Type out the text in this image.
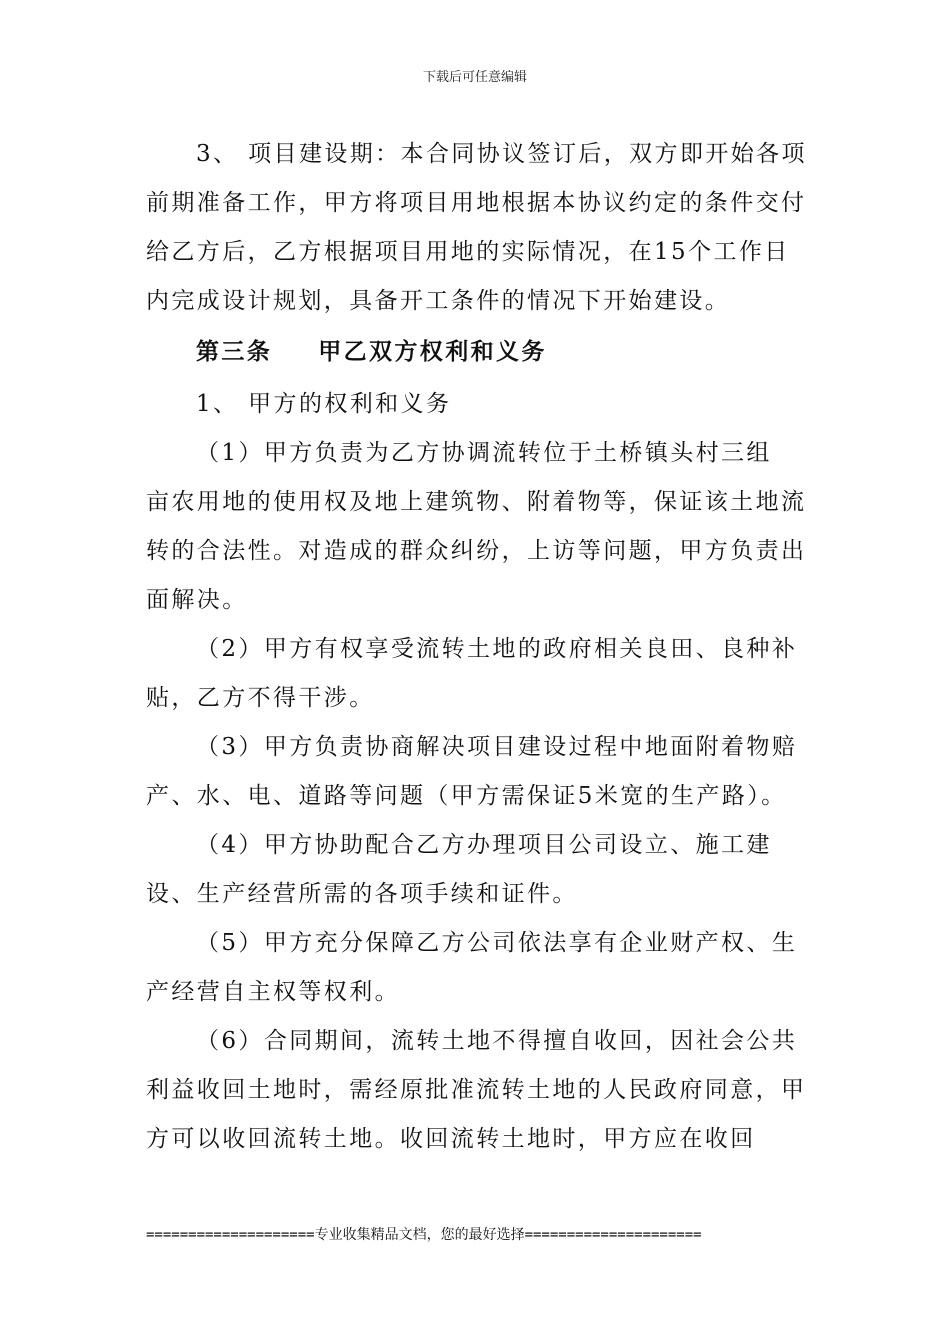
下载后可任意编辑

3、 项目建设期：本合同协议签订后，双方即开始各项前期准备工作，甲方将项目用地根据本协议约定的条件交付给乙方后，乙方根据项目用地的实际情况，在15个工作日内完成设计规划，具备开工条件的情况下开始建设。

第三条 甲乙双方权利和义务

1、 甲方的权利和义务

（1）甲方负责为乙方协调流转位于土桥镇头村三组

亩农用地的使用权及地上建筑物、附着物等，保证该土地流转的合法性。对造成的群众纠纷，上访等问题，甲方负责出面解决。

（2）甲方有权享受流转土地的政府相关良田、良种补贴，乙方不得干涉。

（3）甲方负责协商解决项目建设过程中地面附着物赔产、水、电、道路等问题（甲方需保证5米宽的生产路）。

（4）甲方协助配合乙方办理项目公司设立、施工建设、生产经营所需的各项手续和证件。

（5）甲方充分保障乙方公司依法享有企业财产权、生产经营自主权等权利。

（6）合同期间，流转土地不得擅自收回，因社会公共利益收回土地时，需经原批准流转土地的人民政府同意，甲方可以收回流转土地。收回流转土地时，甲方应在收回

====================专业收集精品文档，您的最好选择=====================
